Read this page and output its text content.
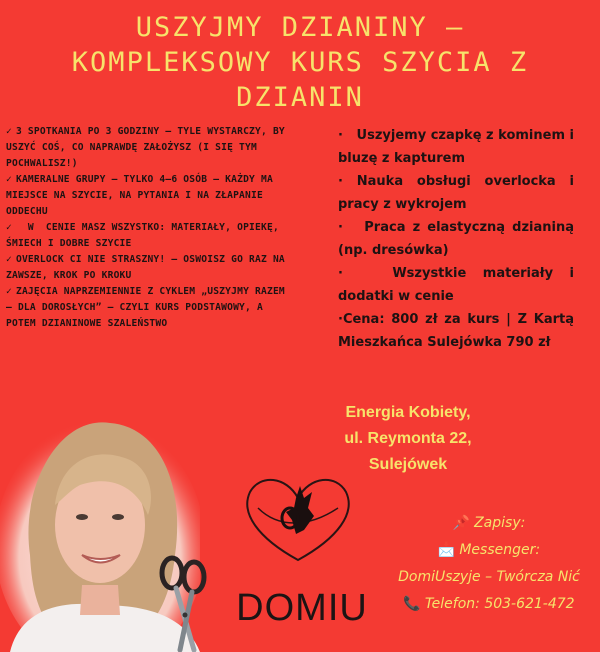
USZYJMY DZIANINY –
KOMPLEKSOWY KURS SZYCIA Z
DZIANIN

✓ 3 SPOTKANIA PO 3 GODZINY – TYLE WYSTARCZY, BY USZYĆ COŚ, CO NAPRAWDĘ ZAŁOŻYSZ (I SIĘ TYM POCHWALISZ!)

✓ KAMERALNE GRUPY – TYLKO 4–6 OSÓB – KAŻDY MA MIEJSCE NA SZYCIE, NA PYTANIA I NA ZŁAPANIE ODDECHU

✓  W  CENIE MASZ WSZYSTKO: MATERIAŁY, OPIEKĘ, ŚMIECH I DOBRE SZYCIE

✓ OVERLOCK CI NIE STRASZNY! – OSWOISZ GO RAZ NA ZAWSZE, KROK PO KROKU

✓ ZAJĘCIA NAPRZEMIENNIE Z CYKLEM „USZYJMY RAZEM – DLA DOROSŁYCH” – CZYLI KURS PODSTAWOWY, A POTEM DZIANINOWE SZALEŃSTWO

·   Uszyjemy czapkę z kominem i bluzę z kapturem

· Nauka obsługi overlocka i pracy z wykrojem

·   Praca z elastyczną dzianiną (np. dresówka)

·   Wszystkie materiały i dodatki w cenie

·Cena: 800 zł za kurs | Z Kartą Mieszkańca Sulejówka 790 zł

Energia Kobiety,
ul. Reymonta 22,
Sulejówek
DOMIU
📌 Zapisy:
📩 Messenger:
DomiUszyje – Twórcza Nić
📞 Telefon: 503-621-472
